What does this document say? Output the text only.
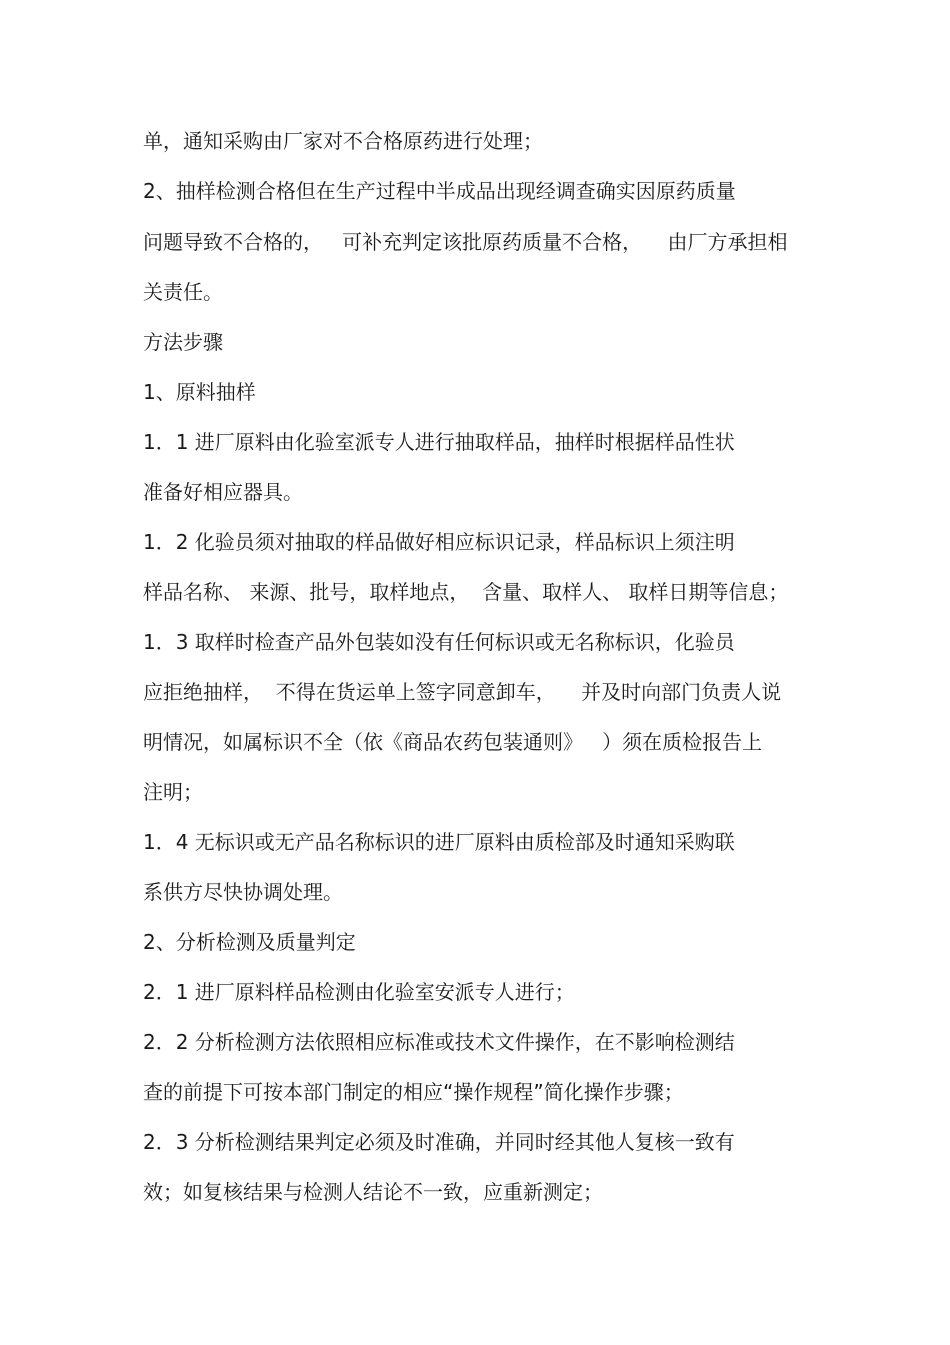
单，通知采购由厂家对不合格原药进行处理；
2、抽样检测合格但在生产过程中半成品出现经调查确实因原药质量
问题导致不合格的，   可补充判定该批原药质量不合格，    由厂方承担相
关责任。
方法步骤
1、原料抽样
1．1 进厂原料由化验室派专人进行抽取样品，抽样时根据样品性状
准备好相应器具。
1．2 化验员须对抽取的样品做好相应标识记录，样品标识上须注明
样品名称、 来源、批号，取样地点，  含量、取样人、 取样日期等信息；
1．3 取样时检查产品外包装如没有任何标识或无名称标识，化验员
应拒绝抽样，  不得在货运单上签字同意卸车，    并及时向部门负责人说
明情况，如属标识不全（依《商品农药包装通则》   ）须在质检报告上
注明；
1．4 无标识或无产品名称标识的进厂原料由质检部及时通知采购联
系供方尽快协调处理。
2、分析检测及质量判定
2．1 进厂原料样品检测由化验室安派专人进行；
2．2 分析检测方法依照相应标准或技术文件操作，在不影响检测结
查的前提下可按本部门制定的相应“操作规程”简化操作步骤；
2．3 分析检测结果判定必须及时准确，并同时经其他人复核一致有
效；如复核结果与检测人结论不一致，应重新测定；
